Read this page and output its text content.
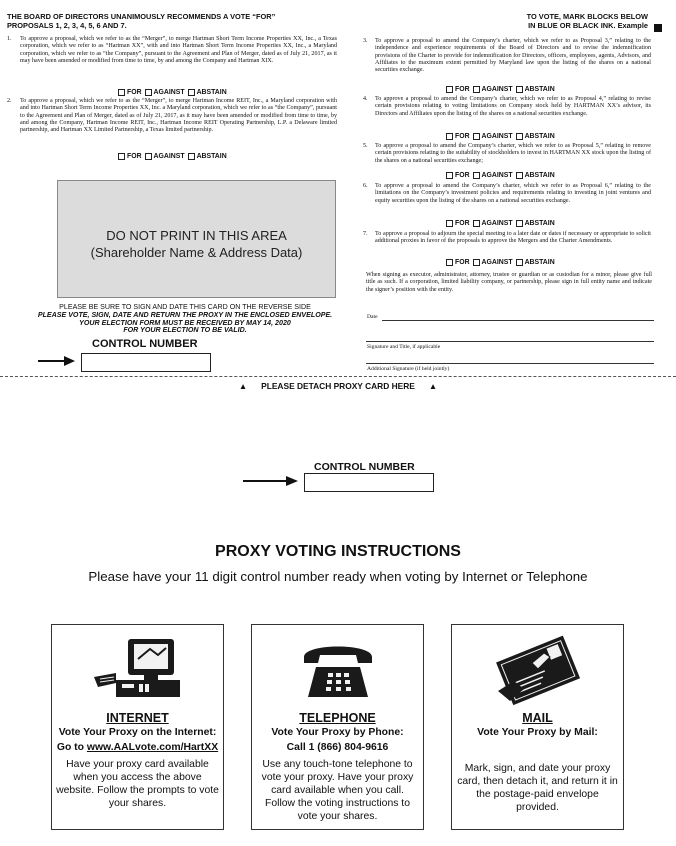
THE BOARD OF DIRECTORS UNANIMOUSLY RECOMMENDS A VOTE “FOR”
PROPOSALS 1, 2, 3, 4, 5, 6 AND 7.
TO VOTE, MARK BLOCKS BELOW
IN BLUE OR BLACK INK. Example
1. To approve a proposal, which we refer to as the “Merger”, to merge Hartman Short Term Income Properties XX, Inc., a Texas corporation, which we refer to as “Hartman XX”, with and into Hartman Short Term Income Properties XX, Inc., a Maryland corporation, which we refer to as “the Company”, pursuant to the Agreement and Plan of Merger, dated as of July 21, 2017, as it may have been amended or modified from time to time, by and among the Company and Hartman XIX.
FOR AGAINST ABSTAIN
2. To approve a proposal, which we refer to as the “Merger”, to merge Hartman Income REIT, Inc., a Maryland corporation with and into Hartman Short Term Income Properties XX, Inc. a Maryland corporation, which we refer to as “the Company”, pursuant to the Agreement and Plan of Merger, dated as of July 21, 2017, as it may have been amended or modified from time to time, by and among the Company, Hartman Income REIT, Inc., Hartman Income REIT Operating Partnership, L.P. a Delaware limited partnership, and Hartman XX Limited Partnership, a Texas limited partnership.
FOR AGAINST ABSTAIN
DO NOT PRINT IN THIS AREA
(Shareholder Name & Address Data)
PLEASE BE SURE TO SIGN AND DATE THIS CARD ON THE REVERSE SIDE
PLEASE VOTE, SIGN, DATE AND RETURN THE PROXY IN THE ENCLOSED ENVELOPE.
YOUR ELECTION FORM MUST BE RECEIVED BY MAY 14, 2020
FOR YOUR ELECTION TO BE VALID.
CONTROL NUMBER
3. To approve a proposal to amend the Company’s charter, which we refer to as Proposal 3,” relating to the independence and experience requirements of the Board of Directors and to revise the indemnification provisions of the Charter to provide for indemnification for Directors, officers, employees, agents, Advisors, and Affiliates to the maximum extent permitted by Maryland law upon the listing of the shares on a national securities exchange.
FOR AGAINST ABSTAIN
4. To approve a proposal to amend the Company’s charter, which we refer to as Proposal 4,” relating to revise certain provisions relating to voting limitations on Company stock held by HARTMAN XX’s advisor, its Directors and Affiliates upon the listing of the shares on a national securities exchange.
FOR AGAINST ABSTAIN
5. To approve a proposal to amend the Company’s charter, which we refer to as Proposal 5,” relating to remove certain provisions relating to the suitability of stockholders to invest in HARTMAN XX stock upon the listing of the shares on a national securities exchange;
FOR AGAINST ABSTAIN
6. To approve a proposal to amend the Company’s charter, which we refer to as Proposal 6,” relating to the limitations on the Company’s investment policies and requirements relating to investing in joint ventures and equity securities upon the listing of the shares on a national securities exchange.
FOR AGAINST ABSTAIN
7. To approve a proposal to adjourn the special meeting to a later date or dates if necessary or appropriate to solicit additional proxies in favor of the proposals to approve the Mergers and the Charter Amendments.
FOR AGAINST ABSTAIN
When signing as executor, administrator, attorney, trustee or guardian or as custodian for a minor, please give full title as such. If a corporation, limited liability company, or partnership, please sign in full entity name and indicate the signer’s position with the entity.
Date
Signature and Title, if applicable
Additional Signature (if held jointly)
▲ PLEASE DETACH PROXY CARD HERE ▲
CONTROL NUMBER
PROXY VOTING INSTRUCTIONS
Please have your 11 digit control number ready when voting by Internet or Telephone
INTERNET
Vote Your Proxy on the Internet:
Go to www.AALvote.com/HartXX
Have your proxy card available when you access the above website. Follow the prompts to vote your shares.
TELEPHONE
Vote Your Proxy by Phone:
Call 1 (866) 804-9616
Use any touch-tone telephone to vote your proxy. Have your proxy card available when you call. Follow the voting instructions to vote your shares.
MAIL
Vote Your Proxy by Mail:
Mark, sign, and date your proxy card, then detach it, and return it in the postage-paid envelope provided.
